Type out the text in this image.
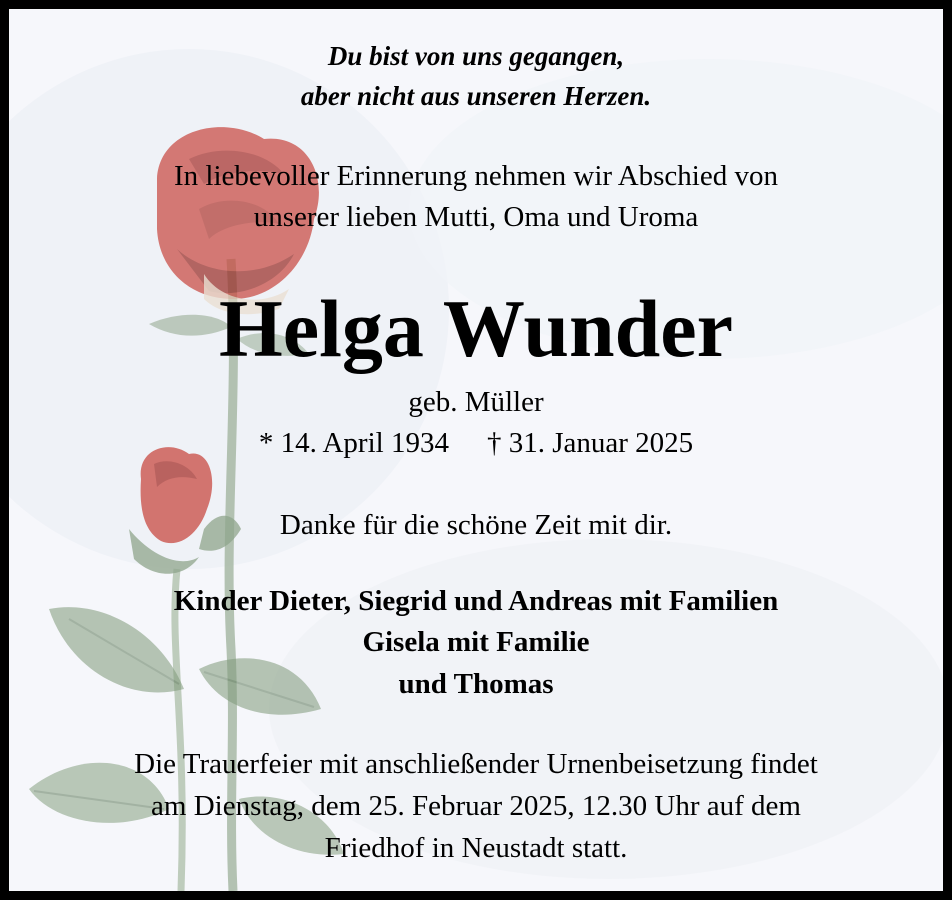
Du bist von uns gegangen,
aber nicht aus unseren Herzen.
In liebevoller Erinnerung nehmen wir Abschied von
unserer lieben Mutti, Oma und Uroma
Helga Wunder
geb. Müller
* 14. April 1934 † 31. Januar 2025
Danke für die schöne Zeit mit dir.
Kinder Dieter, Siegrid und Andreas mit Familien
Gisela mit Familie
und Thomas
Die Trauerfeier mit anschließender Urnenbeisetzung findet
am Dienstag, dem 25. Februar 2025, 12.30 Uhr auf dem
Friedhof in Neustadt statt.
